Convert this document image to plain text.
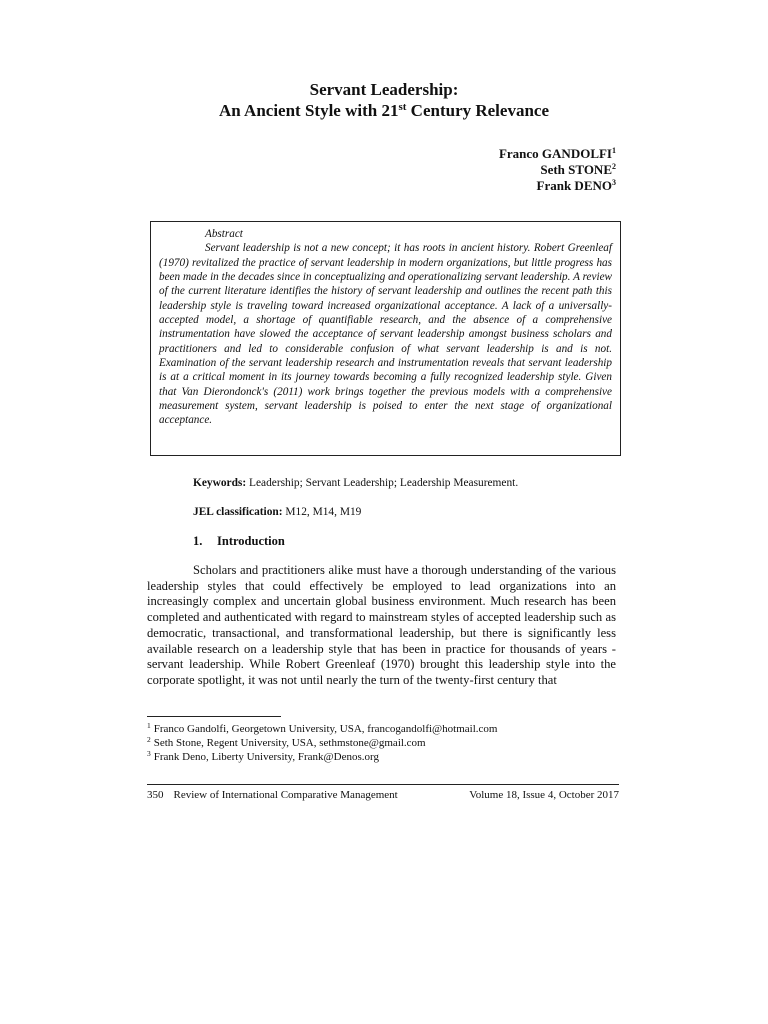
Servant Leadership:
An Ancient Style with 21st Century Relevance
Franco GANDOLFI$^1$
Seth STONE$^2$
Frank DENO$^3$
Abstract

Servant leadership is not a new concept; it has roots in ancient history. Robert Greenleaf (1970) revitalized the practice of servant leadership in modern organizations, but little progress has been made in the decades since in conceptualizing and operationalizing servant leadership. A review of the current literature identifies the history of servant leadership and outlines the recent path this leadership style is traveling toward increased organizational acceptance. A lack of a universally-accepted model, a shortage of quantifiable research, and the absence of a comprehensive instrumentation have slowed the acceptance of servant leadership amongst business scholars and practitioners and led to considerable confusion of what servant leadership is and is not. Examination of the servant leadership research and instrumentation reveals that servant leadership is at a critical moment in its journey towards becoming a fully recognized leadership style. Given that Van Dierondonck's (2011) work brings together the previous models with a comprehensive measurement system, servant leadership is poised to enter the next stage of organizational acceptance.

Keywords: Leadership; Servant Leadership; Leadership Measurement.
JEL classification: M12, M14, M19
1. Introduction

Scholars and practitioners alike must have a thorough understanding of the various leadership styles that could effectively be employed to lead organizations into an increasingly complex and uncertain global business environment. Much research has been completed and authenticated with regard to mainstream styles of accepted leadership such as democratic, transactional, and transformational leadership, but there is significantly less available research on a leadership style that has been in practice for thousands of years - servant leadership. While Robert Greenleaf (1970) brought this leadership style into the corporate spotlight, it was not until nearly the turn of the twenty-first century that

$^1$ Franco Gandolfi, Georgetown University, USA, francogandolfi@hotmail.com
$^2$ Seth Stone, Regent University, USA, sethmstone@gmail.com
$^3$ Frank Deno, Liberty University, Frank@Denos.org
350 Review of International Comparative Management	Volume 18, Issue 4, October 2017
